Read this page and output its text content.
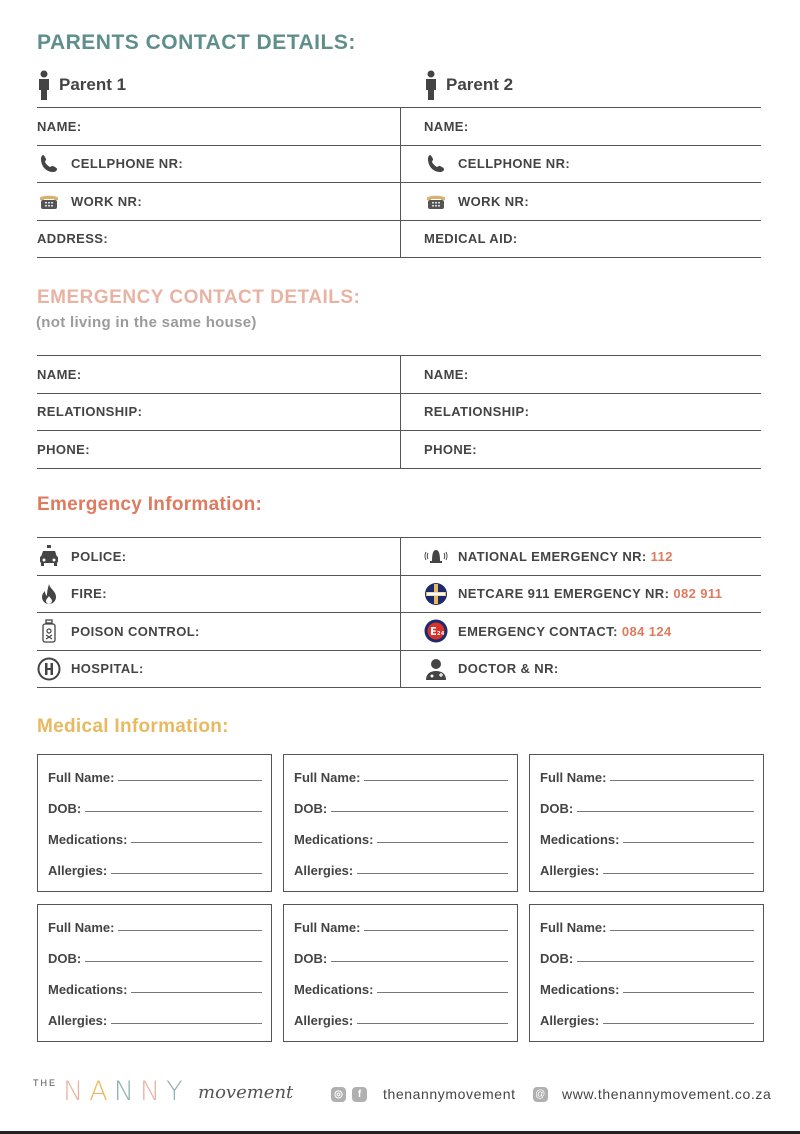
PARENTS CONTACT DETAILS:
Parent 1	Parent 2
NAME:	NAME:
CELLPHONE NR:	CELLPHONE NR:
WORK NR:	WORK NR:
ADDRESS:	MEDICAL AID:
EMERGENCY CONTACT DETAILS:
(not living in the same house)
NAME:	NAME:
RELATIONSHIP:	RELATIONSHIP:
PHONE:	PHONE:
Emergency Information:
POLICE:	NATIONAL EMERGENCY NR: 112
FIRE:	NETCARE 911 EMERGENCY NR: 082 911
POISON CONTROL:	24 EMERGENCY CONTACT: 084 124
HOSPITAL:	DOCTOR & NR:
Medical Information:
Full Name:
DOB:
Medications:
Allergies:
Full Name:
DOB:
Medications:
Allergies:
Full Name:
DOB:
Medications:
Allergies:
Full Name:
DOB:
Medications:
Allergies:
Full Name:
DOB:
Medications:
Allergies:
Full Name:
DOB:
Medications:
Allergies:
THE NANNY movement	◎	f	thenannymovement @ www.thenannymovement.co.za
